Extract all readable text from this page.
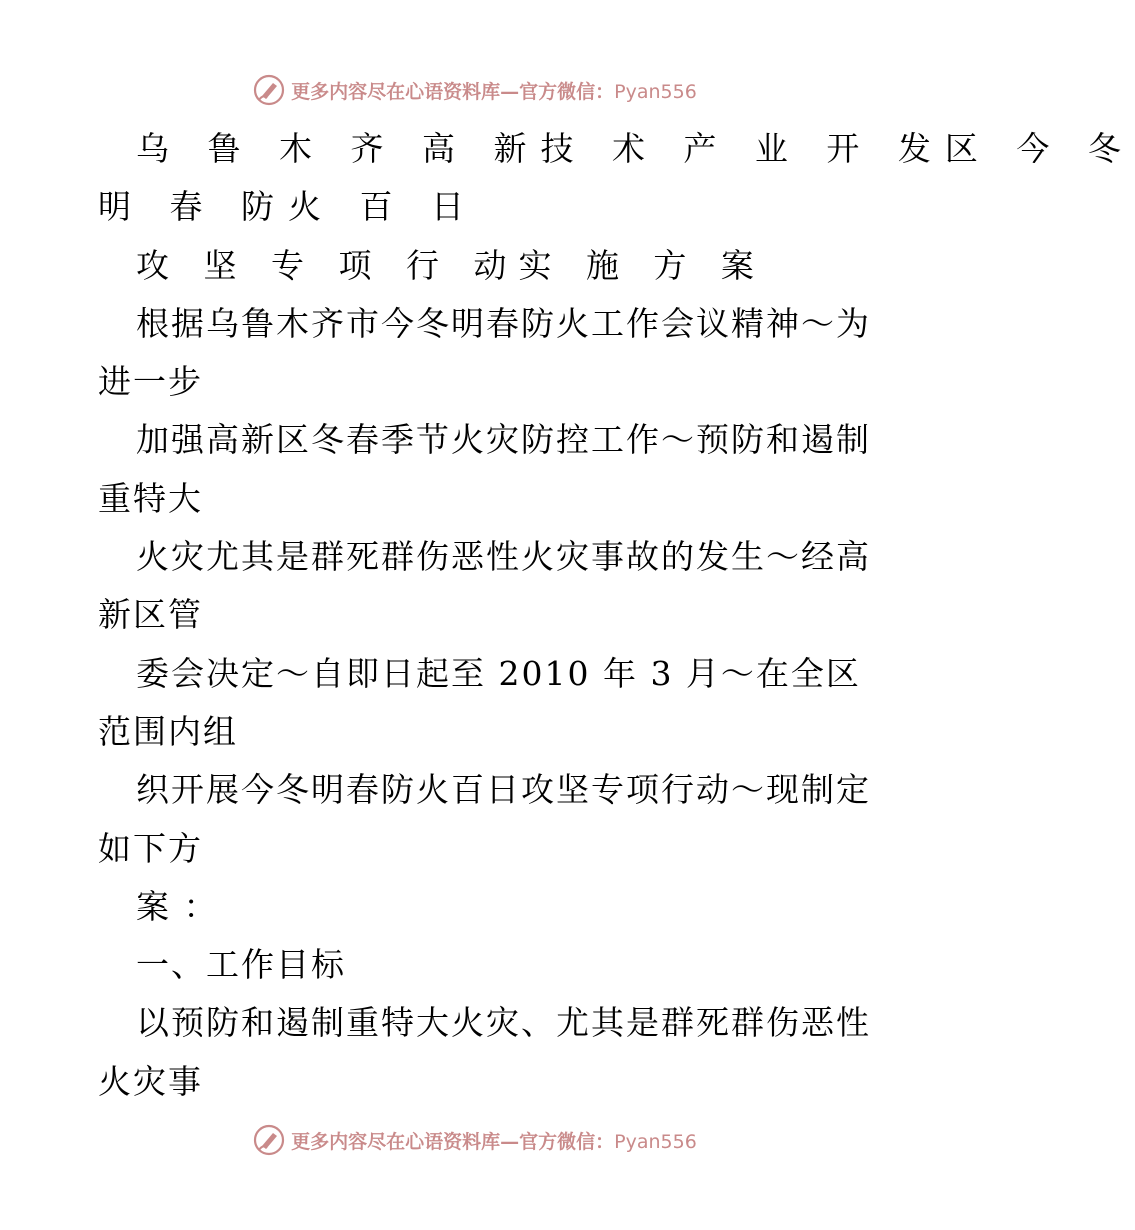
更多内容尽在心语资料库—官方微信：Pyan556
乌 鲁 木 齐 高 新技 术 产 业 开 发区 今 冬
明 春 防火 百 日
攻 坚 专 项 行 动实 施 方 案
根据乌鲁木齐市今冬明春防火工作会议精神～为
进一步
加强高新区冬春季节火灾防控工作～预防和遏制
重特大
火灾尤其是群死群伤恶性火灾事故的发生～经高
新区管
委会决定～自即日起至 2010 年 3 月～在全区
范围内组
织开展今冬明春防火百日攻坚专项行动～现制定
如下方
案 ：
一、工作目标
以预防和遏制重特大火灾、尤其是群死群伤恶性
火灾事
更多内容尽在心语资料库—官方微信：Pyan556
